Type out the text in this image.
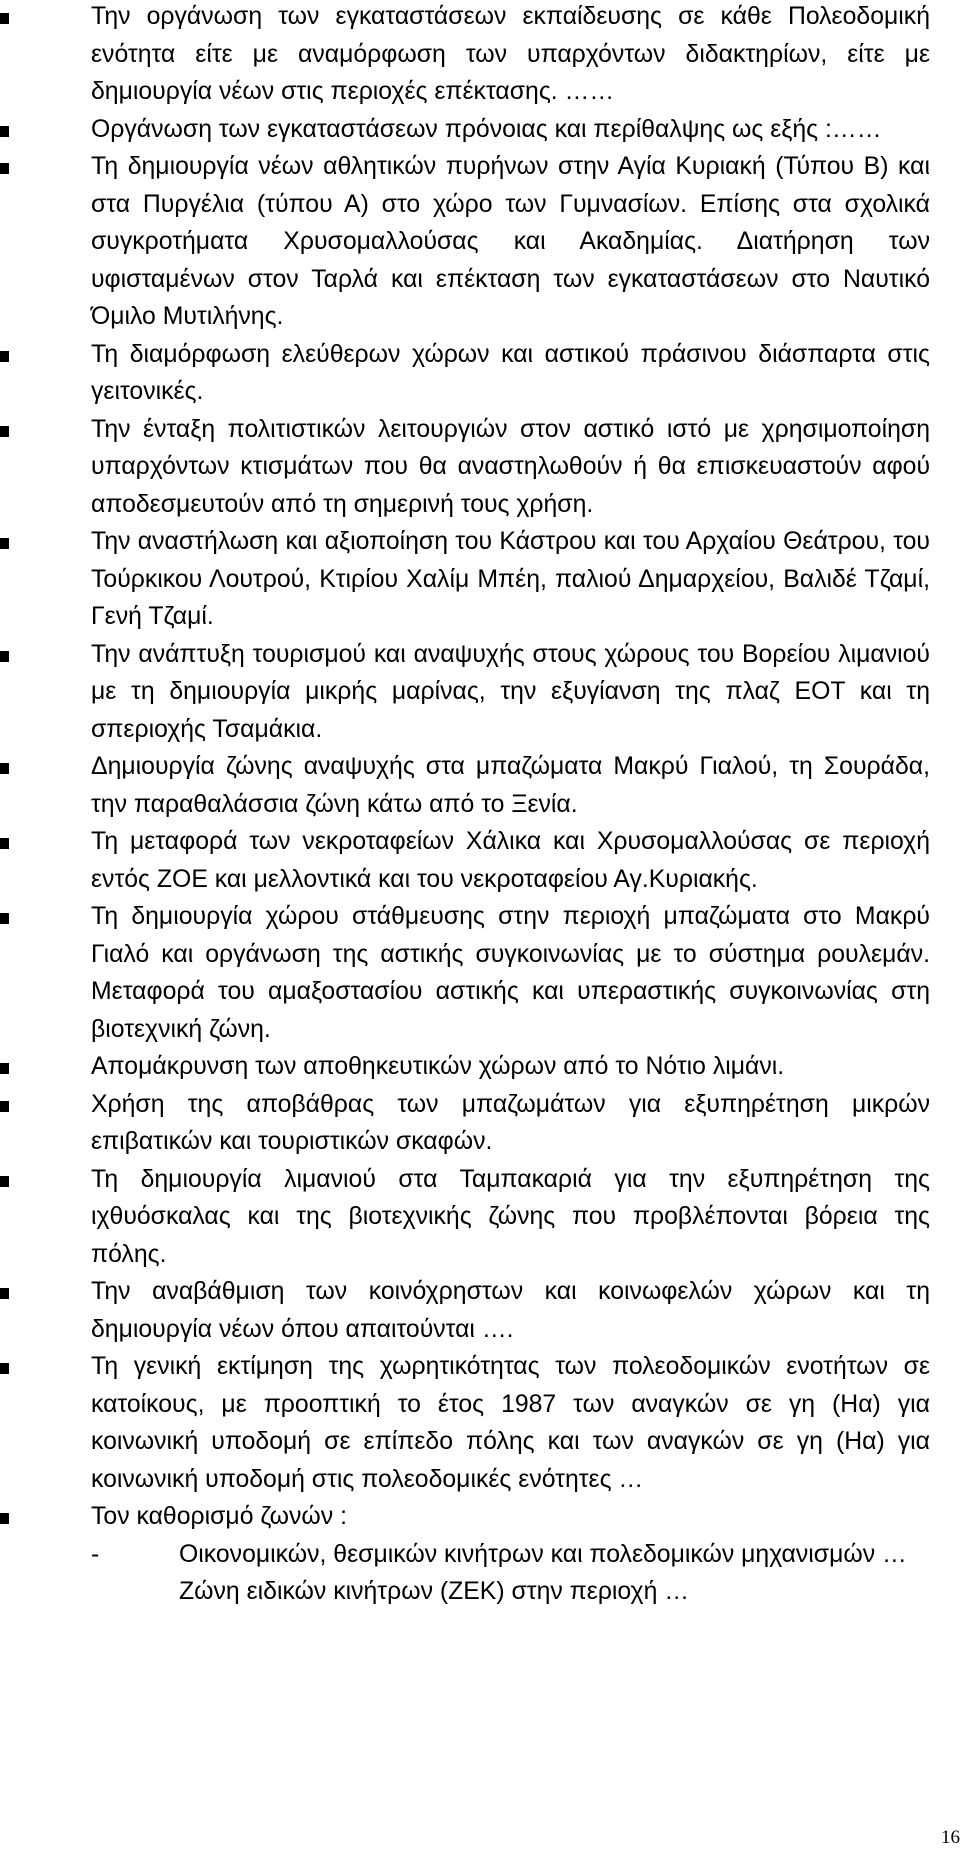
Την οργάνωση των εγκαταστάσεων εκπαίδευσης σε κάθε Πολεοδομική ενότητα είτε με αναμόρφωση των υπαρχόντων διδακτηρίων, είτε με δημιουργία νέων στις περιοχές επέκτασης. ……
Οργάνωση των εγκαταστάσεων πρόνοιας και περίθαλψης ως εξής :……
Τη δημιουργία νέων αθλητικών πυρήνων στην Αγία Κυριακή (Τύπου Β) και στα Πυργέλια (τύπου Α) στο χώρο των Γυμνασίων. Επίσης στα σχολικά συγκροτήματα Χρυσομαλλούσας και Ακαδημίας. Διατήρηση των υφισταμένων στον Ταρλά και επέκταση των εγκαταστάσεων στο Ναυτικό Όμιλο Μυτιλήνης.
Τη διαμόρφωση ελεύθερων χώρων και αστικού πράσινου διάσπαρτα στις γειτονικές.
Την ένταξη πολιτιστικών λειτουργιών στον αστικό ιστό με χρησιμοποίηση υπαρχόντων κτισμάτων που θα αναστηλωθούν ή θα επισκευαστούν αφού αποδεσμευτούν από τη σημερινή τους χρήση.
Την αναστήλωση και αξιοποίηση του Κάστρου και του Αρχαίου Θεάτρου, του Τούρκικου Λουτρού, Κτιρίου Χαλίμ Μπέη, παλιού Δημαρχείου, Βαλιδέ Τζαμί, Γενή Τζαμί.
Την ανάπτυξη τουρισμού και αναψυχής στους χώρους του Βορείου λιμανιού με τη δημιουργία μικρής μαρίνας, την εξυγίανση της πλαζ ΕΟΤ και τη σπεριοχής Τσαμάκια.
Δημιουργία ζώνης αναψυχής στα μπαζώματα Μακρύ Γιαλού, τη Σουράδα, την παραθαλάσσια ζώνη κάτω από το Ξενία.
Τη μεταφορά των νεκροταφείων Χάλικα και Χρυσομαλλούσας σε περιοχή εντός ΖΟΕ και μελλοντικά και του νεκροταφείου Αγ.Κυριακής.
Τη δημιουργία χώρου στάθμευσης στην περιοχή μπαζώματα στο Μακρύ Γιαλό και οργάνωση της αστικής συγκοινωνίας με το σύστημα ρουλεμάν. Μεταφορά του αμαξοστασίου αστικής και υπεραστικής συγκοινωνίας στη βιοτεχνική ζώνη.
Απομάκρυνση των αποθηκευτικών χώρων από το Νότιο λιμάνι.
Χρήση της αποβάθρας των μπαζωμάτων για εξυπηρέτηση μικρών επιβατικών και τουριστικών σκαφών.
Τη δημιουργία λιμανιού στα Ταμπακαριά για την εξυπηρέτηση της ιχθυόσκαλας και της βιοτεχνικής ζώνης που προβλέπονται βόρεια της πόλης.
Την αναβάθμιση των κοινόχρηστων και κοινωφελών χώρων και τη δημιουργία νέων όπου απαιτούνται ….
Τη γενική εκτίμηση της χωρητικότητας των πολεοδομικών ενοτήτων σε κατοίκους, με προοπτική το έτος 1987 των αναγκών σε γη (Ηα) για κοινωνική υποδομή σε επίπεδο πόλης και των αναγκών σε γη (Ηα) για κοινωνική υποδομή στις πολεοδομικές ενότητες …
Τον καθορισμό ζωνών :
-	Οικονομικών, θεσμικών κινήτρων και πολεδομικών μηχανισμών …
Ζώνη ειδικών κινήτρων (ΖΕΚ) στην περιοχή …
16
